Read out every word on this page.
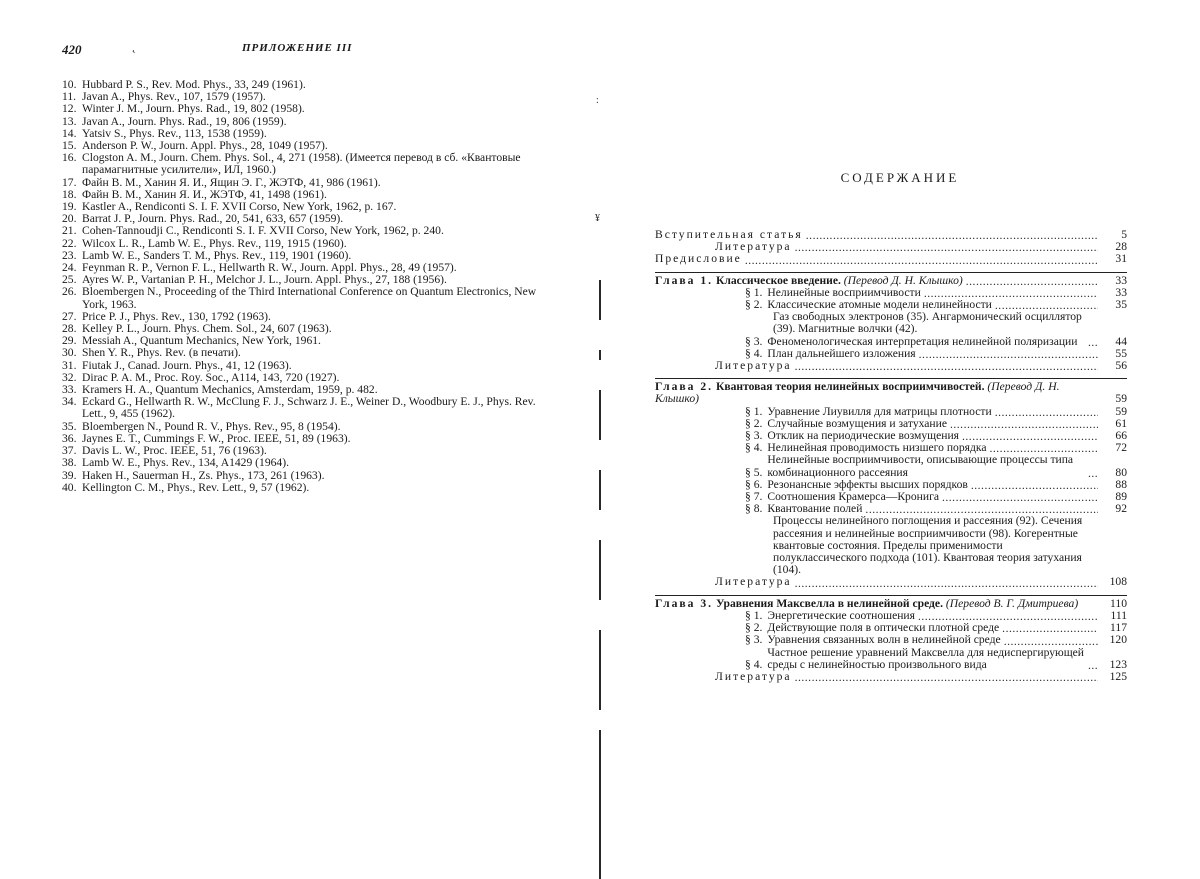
420	˛	ПРИЛОЖЕНИЕ III
10. Hubbard P. S., Rev. Mod. Phys., 33, 249 (1961).
11. Javan A., Phys. Rev., 107, 1579 (1957).
12. Winter J. M., Journ. Phys. Rad., 19, 802 (1958).
13. Javan A., Journ. Phys. Rad., 19, 806 (1959).
14. Yatsiv S., Phys. Rev., 113, 1538 (1959).
15. Anderson P. W., Journ. Appl. Phys., 28, 1049 (1957).
16. Clogston A. M., Journ. Chem. Phys. Sol., 4, 271 (1958). (Имеется перевод в сб. «Квантовые парамагнитные усилители», ИЛ, 1960.)
17. Файн В. М., Ханин Я. И., Ящин Э. Г., ЖЭТФ, 41, 986 (1961).
18. Файн В. М., Ханин Я. И., ЖЭТФ, 41, 1498 (1961).
19. Kastler A., Rendiconti S. I. F. XVII Corso, New York, 1962, p. 167.
20. Barrat J. P., Journ. Phys. Rad., 20, 541, 633, 657 (1959).
21. Cohen-Tannoudji C., Rendiconti S. I. F. XVII Corso, New York, 1962, p. 240.
22. Wilcox L. R., Lamb W. E., Phys. Rev., 119, 1915 (1960).
23. Lamb W. E., Sanders T. M., Phys. Rev., 119, 1901 (1960).
24. Feynman R. P., Vernon F. L., Hellwarth R. W., Journ. Appl. Phys., 28, 49 (1957).
25. Ayres W. P., Vartanian P. H., Melchor J. L., Journ. Appl. Phys., 27, 188 (1956).
26. Bloembergen N., Proceeding of the Third International Conference on Quantum Electronics, New York, 1963.
27. Price P. J., Phys. Rev., 130, 1792 (1963).
28. Kelley P. L., Journ. Phys. Chem. Sol., 24, 607 (1963).
29. Messiah A., Quantum Mechanics, New York, 1961.
30. Shen Y. R., Phys. Rev. (в печати).
31. Fiutak J., Canad. Journ. Phys., 41, 12 (1963).
32. Dirac P. A. M., Proc. Roy. Soc., A114, 143, 720 (1927).
33. Kramers H. A., Quantum Mechanics, Amsterdam, 1959, p. 482.
34. Eckard G., Hellwarth R. W., McClung F. J., Schwarz J. E., Weiner D., Woodbury E. J., Phys. Rev. Lett., 9, 455 (1962).
35. Bloembergen N., Pound R. V., Phys. Rev., 95, 8 (1954).
36. Jaynes E. T., Cummings F. W., Proc. IEEE, 51, 89 (1963).
37. Davis L. W., Proc. IEEE, 51, 76 (1963).
38. Lamb W. E., Phys. Rev., 134, A1429 (1964).
39. Haken H., Sauerman H., Zs. Phys., 173, 261 (1963).
40. Kellington C. M., Phys., Rev. Lett., 9, 57 (1962).
:
¥
СОДЕРЖАНИЕ
Вступительная статья .....	5
Литература .....	28
Предисловие .....	31
Глава 1. Классическое введение. (Перевод Д. Н. Клышко) .....	33
§ 1. Нелинейные восприимчивости .....	33
§ 2. Классические атомные модели нелинейности .....	35
Газ свободных электронов (35). Ангармонический осциллятор (39). Магнитные волчки (42).
§ 3. Феноменологическая интерпретация нелинейной поляризации .....	44
§ 4. План дальнейшего изложения .....	55
Литература .....	56
Глава 2. Квантовая теория нелинейных восприимчивостей. (Перевод Д. Н. Клышко)	59
§ 1. Уравнение Лиувилля для матрицы плотности .....	59
§ 2. Случайные возмущения и затухание .....	61
§ 3. Отклик на периодические возмущения .....	66
§ 4. Нелинейная проводимость низшего порядка .....	72
§ 5.
Нелинейные восприимчивости, описывающие процессы типа комбинационного рассеяния .....	80
§ 6. Резонансные эффекты высших порядков .....	88
§ 7. Соотношения Крамерса—Кронига .....	89
§ 8. Квантование полей .....	92
Процессы нелинейного поглощения и рассеяния (92). Сечения рассеяния и нелинейные восприимчивости (98). Когерентные квантовые состояния. Пределы применимости полуклассического подхода (101). Квантовая теория затухания (104).
Литература .....	108
Глава 3. Уравнения Максвелла в нелинейной среде. (Перевод В. Г. Дмитриева)	110
§ 1. Энергетические соотношения .....	111
§ 2. Действующие поля в оптически плотной среде .....	117
§ 3. Уравнения связанных волн в нелинейной среде .....	120
§ 4.
Частное решение уравнений Максвелла для недиспергирующей среды с нелинейностью произвольного вида .....	123
Литература .....	125
